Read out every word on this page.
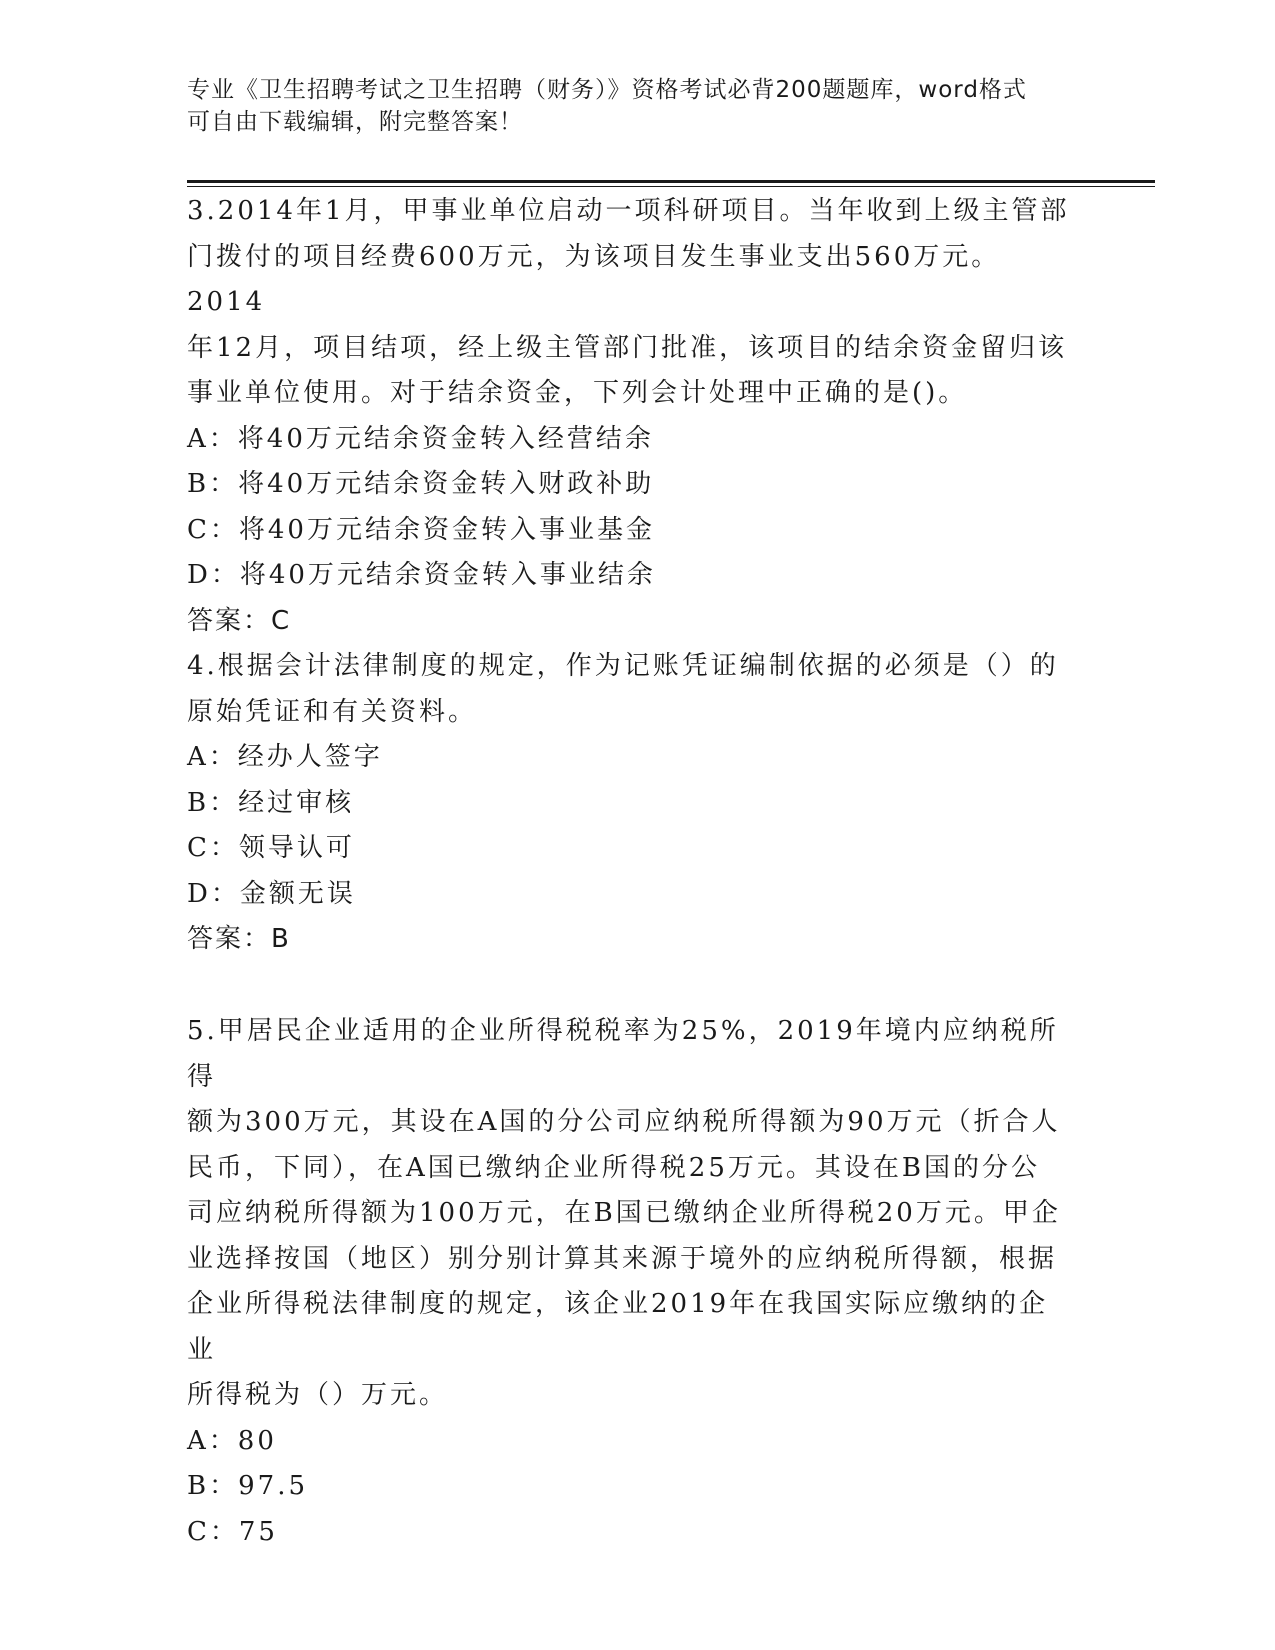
专业《卫生招聘考试之卫生招聘（财务）》资格考试必背200题题库，word格式
可自由下载编辑，附完整答案！

3.2014年1月，甲事业单位启动一项科研项目。当年收到上级主管部

门拨付的项目经费600万元，为该项目发生事业支出560万元。2014

年12月，项目结项，经上级主管部门批准，该项目的结余资金留归该

事业单位使用。对于结余资金，下列会计处理中正确的是()。

A：将40万元结余资金转入经营结余

B：将40万元结余资金转入财政补助

C：将40万元结余资金转入事业基金

D：将40万元结余资金转入事业结余

答案：C

4.根据会计法律制度的规定，作为记账凭证编制依据的必须是（）的

原始凭证和有关资料。

A：经办人签字

B：经过审核

C：领导认可

D：金额无误

答案：B

5.甲居民企业适用的企业所得税税率为25%，2019年境内应纳税所得

额为300万元，其设在A国的分公司应纳税所得额为90万元（折合人

民币，下同），在A国已缴纳企业所得税25万元。其设在B国的分公

司应纳税所得额为100万元，在B国已缴纳企业所得税20万元。甲企

业选择按国（地区）别分别计算其来源于境外的应纳税所得额，根据

企业所得税法律制度的规定，该企业2019年在我国实际应缴纳的企业

所得税为（）万元。

A：80

B：97.5

C：75
